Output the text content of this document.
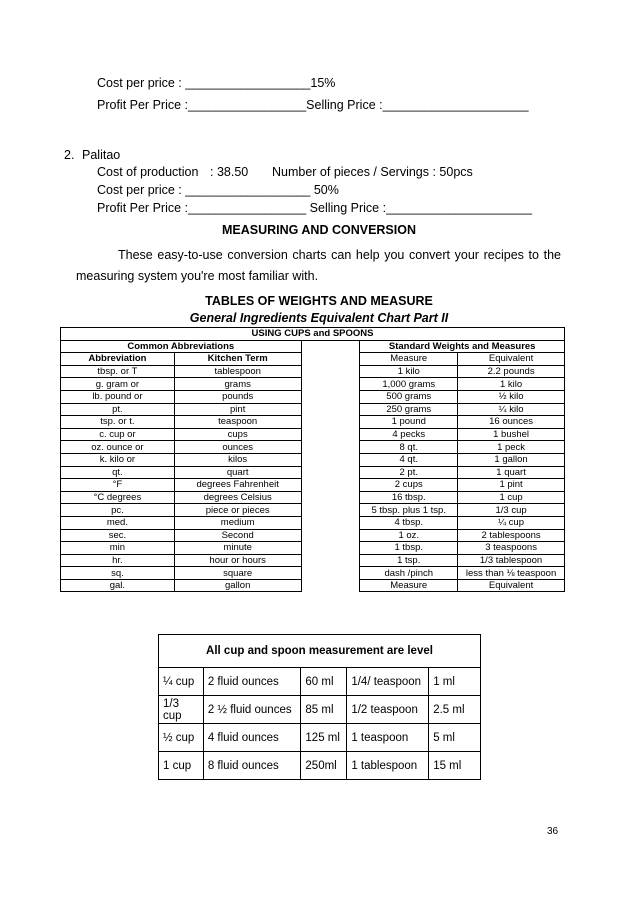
Cost per price : __________________15%
Profit Per Price :_________________Selling Price :_____________________
2. Palitao
Cost of production : 38.50 Number of pieces / Servings : 50pcs
Cost per price : __________________ 50%
Profit Per Price :_________________ Selling Price :_____________________
MEASURING AND CONVERSION
These easy-to-use conversion charts can help you convert your recipes to the measuring system you're most familiar with.
TABLES OF WEIGHTS AND MEASURE
General Ingredients Equivalent Chart Part II
USING CUPS and SPOONS				
Common Abbreviations			Standard Weights and Measures	
Abbreviation	Kitchen Term		Measure	Equivalent
tbsp. or T	tablespoon		1 kilo	2.2 pounds
g. gram or	grams		1,000 grams	1 kilo
lb. pound or	pounds		500 grams	½ kilo
pt.	pint		250 grams	¼ kilo
tsp. or t.	teaspoon		1 pound	16 ounces
c. cup or	cups		4 pecks	1 bushel
oz. ounce or	ounces		8 qt.	1 peck
k. kilo or	kilos		4 qt.	1 gallon
qt.	quart		2 pt.	1 quart
°F	degrees Fahrenheit		2 cups	1 pint
°C degrees	degrees Celsius		16 tbsp.	1 cup
pc.	piece or pieces		5 tbsp. plus 1 tsp.	1/3 cup
med.	medium		4 tbsp.	¼ cup
sec.	Second		1 oz.	2 tablespoons
min	minute		1 tbsp.	3 teaspoons
hr.	hour or hours		1 tsp.	1/3 tablespoon
sq.	square		dash /pinch	less than ⅛ teaspoon
gal.	gallon		Measure	Equivalent
All cup and spoon measurement are level				
¼ cup	2 fluid ounces	60 ml	1/4/ teaspoon	1 ml
1/3 cup	2 ½ fluid ounces	85 ml	1/2 teaspoon	2.5 ml
½ cup	4 fluid ounces	125 ml	1 teaspoon	5 ml
1 cup	8 fluid ounces	250ml	1 tablespoon	15 ml
36
